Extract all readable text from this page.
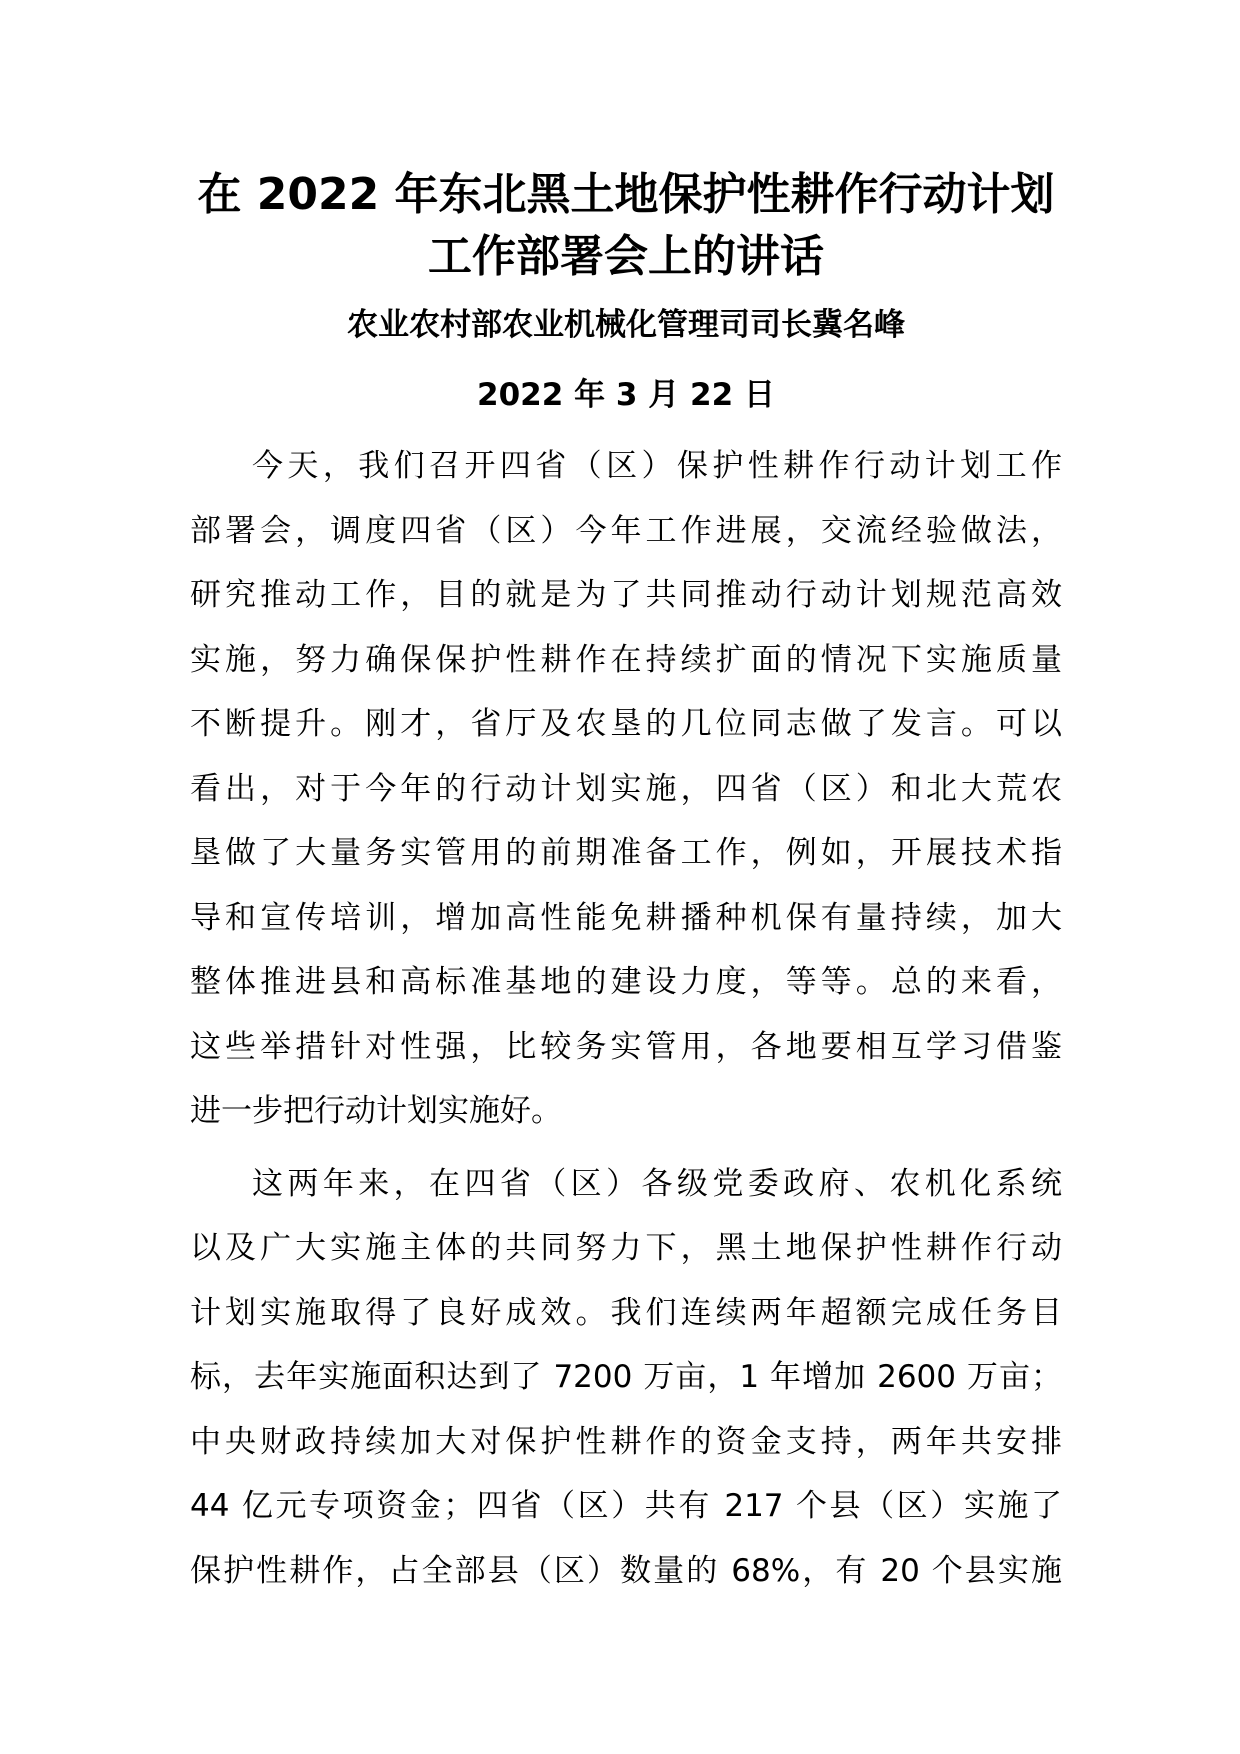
在 2022 年东北黑土地保护性耕作行动计划
工作部署会上的讲话

农业农村部农业机械化管理司司长冀名峰

2022 年 3 月 22 日

今天，我们召开四省（区）保护性耕作行动计划工作
部署会，调度四省（区）今年工作进展，交流经验做法，
研究推动工作，目的就是为了共同推动行动计划规范高效
实施，努力确保保护性耕作在持续扩面的情况下实施质量
不断提升。刚才，省厅及农垦的几位同志做了发言。可以
看出，对于今年的行动计划实施，四省（区）和北大荒农
垦做了大量务实管用的前期准备工作，例如，开展技术指
导和宣传培训，增加高性能免耕播种机保有量持续，加大
整体推进县和高标准基地的建设力度，等等。总的来看，
这些举措针对性强，比较务实管用，各地要相互学习借鉴
进一步把行动计划实施好。

这两年来，在四省（区）各级党委政府、农机化系统
以及广大实施主体的共同努力下，黑土地保护性耕作行动
计划实施取得了良好成效。我们连续两年超额完成任务目
标，去年实施面积达到了 7200 万亩，1 年增加 2600 万亩；
中央财政持续加大对保护性耕作的资金支持，两年共安排
44 亿元专项资金；四省（区）共有 217 个县（区）实施了
保护性耕作，占全部县（区）数量的 68%，有 20 个县实施
